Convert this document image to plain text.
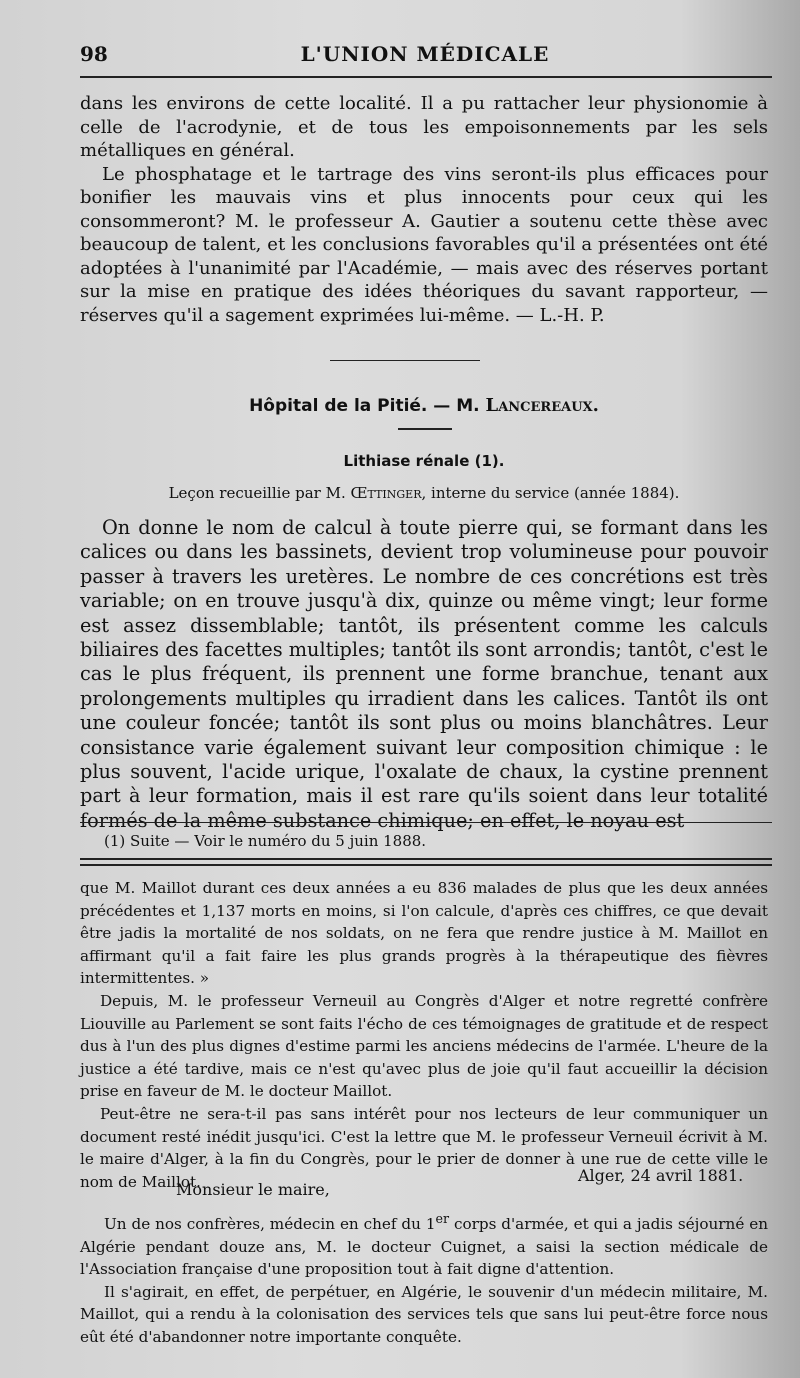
98	L'UNION MÉDICALE

dans les environs de cette localité. Il a pu rattacher leur physionomie à celle de l'acrodynie, et de tous les empoisonnements par les sels métalliques en général.

Le phosphatage et le tartrage des vins seront-ils plus efficaces pour bonifier les mauvais vins et plus innocents pour ceux qui les consommeront? M. le professeur A. Gautier a soutenu cette thèse avec beaucoup de talent, et les conclusions favorables qu'il a présentées ont été adoptées à l'unanimité par l'Académie, — mais avec des réserves portant sur la mise en pratique des idées théoriques du savant rapporteur, — réserves qu'il a sagement exprimées lui-même. — L.-H. P.

Hôpital de la Pitié. — M. Lancereaux.
Lithiase rénale (1).
Leçon recueillie par M. Œttinger, interne du service (année 1884).

On donne le nom de calcul à toute pierre qui, se formant dans les calices ou dans les bassinets, devient trop volumineuse pour pouvoir passer à travers les uretères. Le nombre de ces concrétions est très variable; on en trouve jusqu'à dix, quinze ou même vingt; leur forme est assez dissemblable; tantôt, ils présentent comme les calculs biliaires des facettes multiples; tantôt ils sont arrondis; tantôt, c'est le cas le plus fréquent, ils prennent une forme branchue, tenant aux prolongements multiples qu irradient dans les calices. Tantôt ils ont une couleur foncée; tantôt ils sont plus ou moins blanchâtres. Leur consistance varie également suivant leur composition chimique : le plus souvent, l'acide urique, l'oxalate de chaux, la cystine prennent part à leur formation, mais il est rare qu'ils soient dans leur totalité formés de la même substance chimique; en effet, le noyau est

(1) Suite — Voir le numéro du 5 juin 1888.

que M. Maillot durant ces deux années a eu 836 malades de plus que les deux années précédentes et 1,137 morts en moins, si l'on calcule, d'après ces chiffres, ce que devait être jadis la mortalité de nos soldats, on ne fera que rendre justice à M. Maillot en affirmant qu'il a fait faire les plus grands progrès à la thérapeutique des fièvres intermittentes. »

Depuis, M. le professeur Verneuil au Congrès d'Alger et notre regretté confrère Liouville au Parlement se sont faits l'écho de ces témoignages de gratitude et de respect dus à l'un des plus dignes d'estime parmi les anciens médecins de l'armée. L'heure de la justice a été tardive, mais ce n'est qu'avec plus de joie qu'il faut accueillir la décision prise en faveur de M. le docteur Maillot.

Peut-être ne sera-t-il pas sans intérêt pour nos lecteurs de leur communiquer un document resté inédit jusqu'ici. C'est la lettre que M. le professeur Verneuil écrivit à M. le maire d'Alger, à la fin du Congrès, pour le prier de donner à une rue de cette ville le nom de Maillot.	Alger, 24 avril 1881.
Monsieur le maire,

Un de nos confrères, médecin en chef du 1er corps d'armée, et qui a jadis séjourné en Algérie pendant douze ans, M. le docteur Cuignet, a saisi la section médicale de l'Association française d'une proposition tout à fait digne d'attention.

Il s'agirait, en effet, de perpétuer, en Algérie, le souvenir d'un médecin militaire, M. Maillot, qui a rendu à la colonisation des services tels que sans lui peut-être force nous eût été d'abandonner notre importante conquête.
